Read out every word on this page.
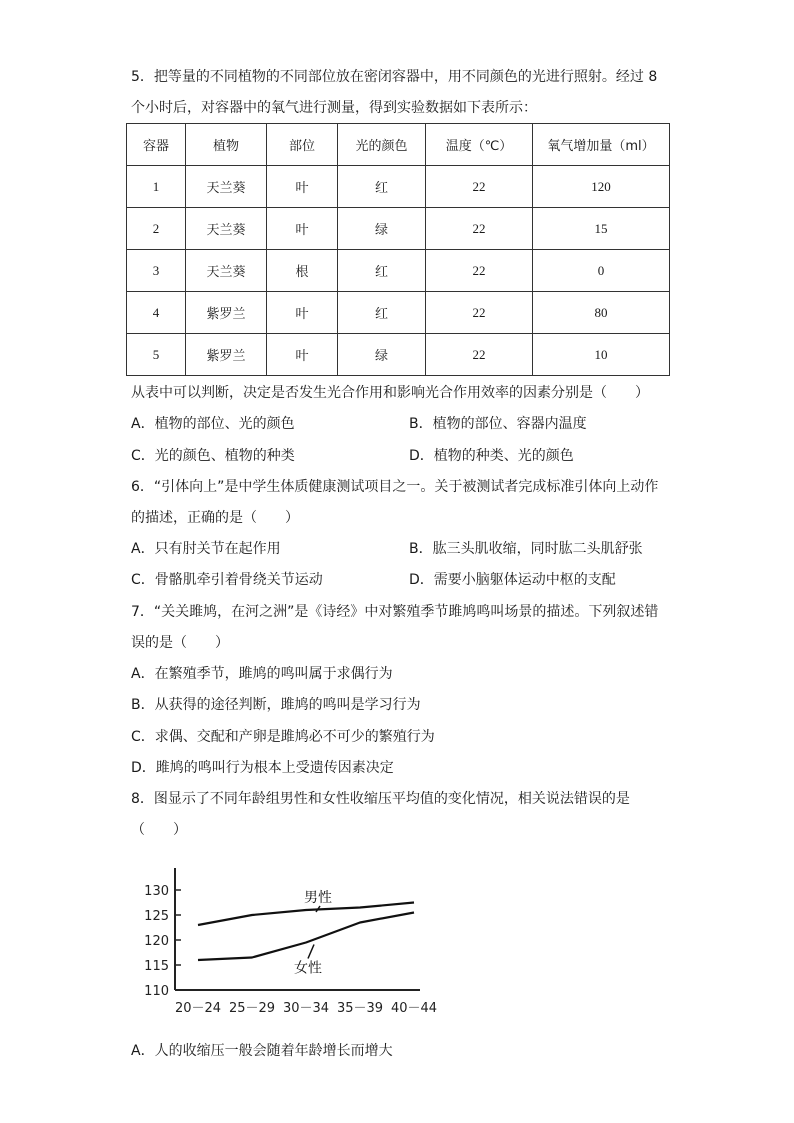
5．把等量的不同植物的不同部位放在密闭容器中，用不同颜色的光进行照射。经过 8
个小时后，对容器中的氧气进行测量，得到实验数据如下表所示：
容器	植物	部位	光的颜色	温度（℃）	氧气增加量（ml）
1	天兰葵	叶	红	22	120
2	天兰葵	叶	绿	22	15
3	天兰葵	根	红	22	0
4	紫罗兰	叶	红	22	80
5	紫罗兰	叶	绿	22	10
从表中可以判断，决定是否发生光合作用和影响光合作用效率的因素分别是（　　）
A．植物的部位、光的颜色	B．植物的部位、容器内温度
C．光的颜色、植物的种类	D．植物的种类、光的颜色
6．“引体向上”是中学生体质健康测试项目之一。关于被测试者完成标准引体向上动作
的描述，正确的是（　　）
A．只有肘关节在起作用	B．肱三头肌收缩，同时肱二头肌舒张
C．骨骼肌牵引着骨绕关节运动	D．需要小脑躯体运动中枢的支配
7．“关关雎鸠，在河之洲”是《诗经》中对繁殖季节雎鸠鸣叫场景的描述。下列叙述错
误的是（　　）
A．在繁殖季节，雎鸠的鸣叫属于求偶行为
B．从获得的途径判断，雎鸠的鸣叫是学习行为
C．求偶、交配和产卵是雎鸠必不可少的繁殖行为
D．雎鸠的鸣叫行为根本上受遗传因素决定
8．图显示了不同年龄组男性和女性收缩压平均值的变化情况，相关说法错误的是
（　　）
110
115
120
125
130
20－24 25－29 30－34 35－39 40－44
男性
女性
A．人的收缩压一般会随着年龄增长而增大
